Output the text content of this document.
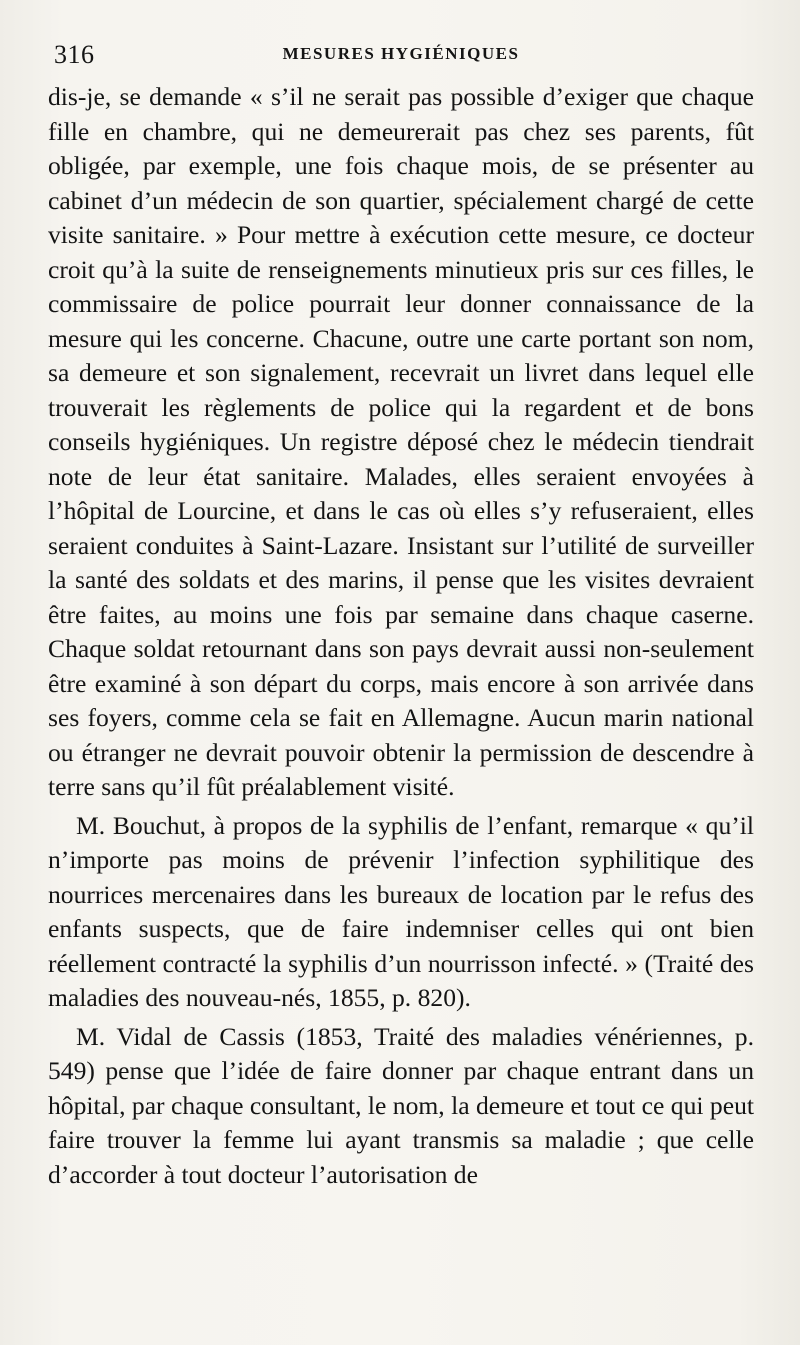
316	MESURES HYGIÉNIQUES

dis-je, se demande « s’il ne serait pas possible d’exiger que chaque fille en chambre, qui ne demeurerait pas chez ses parents, fût obligée, par exemple, une fois chaque mois, de se présenter au cabinet d’un médecin de son quartier, spécialement chargé de cette visite sanitaire. » Pour mettre à exécution cette mesure, ce docteur croit qu’à la suite de renseignements minutieux pris sur ces filles, le commissaire de police pourrait leur donner connaissance de la mesure qui les concerne. Chacune, outre une carte portant son nom, sa demeure et son signalement, recevrait un livret dans lequel elle trouverait les règlements de police qui la regardent et de bons conseils hygiéniques. Un registre déposé chez le médecin tiendrait note de leur état sanitaire. Malades, elles seraient envoyées à l’hôpital de Lourcine, et dans le cas où elles s’y refuseraient, elles seraient conduites à Saint-Lazare. Insistant sur l’utilité de surveiller la santé des soldats et des marins, il pense que les visites devraient être faites, au moins une fois par semaine dans chaque caserne. Chaque soldat retournant dans son pays devrait aussi non-seulement être examiné à son départ du corps, mais encore à son arrivée dans ses foyers, comme cela se fait en Allemagne. Aucun marin national ou étranger ne devrait pouvoir obtenir la permission de descendre à terre sans qu’il fût préalablement visité.

M. Bouchut, à propos de la syphilis de l’enfant, remarque « qu’il n’importe pas moins de prévenir l’infection syphilitique des nourrices mercenaires dans les bureaux de location par le refus des enfants suspects, que de faire indemniser celles qui ont bien réellement contracté la syphilis d’un nourrisson infecté. » (Traité des maladies des nouveau-nés, 1855, p. 820).

M. Vidal de Cassis (1853, Traité des maladies vénériennes, p. 549) pense que l’idée de faire donner par chaque entrant dans un hôpital, par chaque consultant, le nom, la demeure et tout ce qui peut faire trouver la femme lui ayant transmis sa maladie ; que celle d’accorder à tout docteur l’autorisation de
